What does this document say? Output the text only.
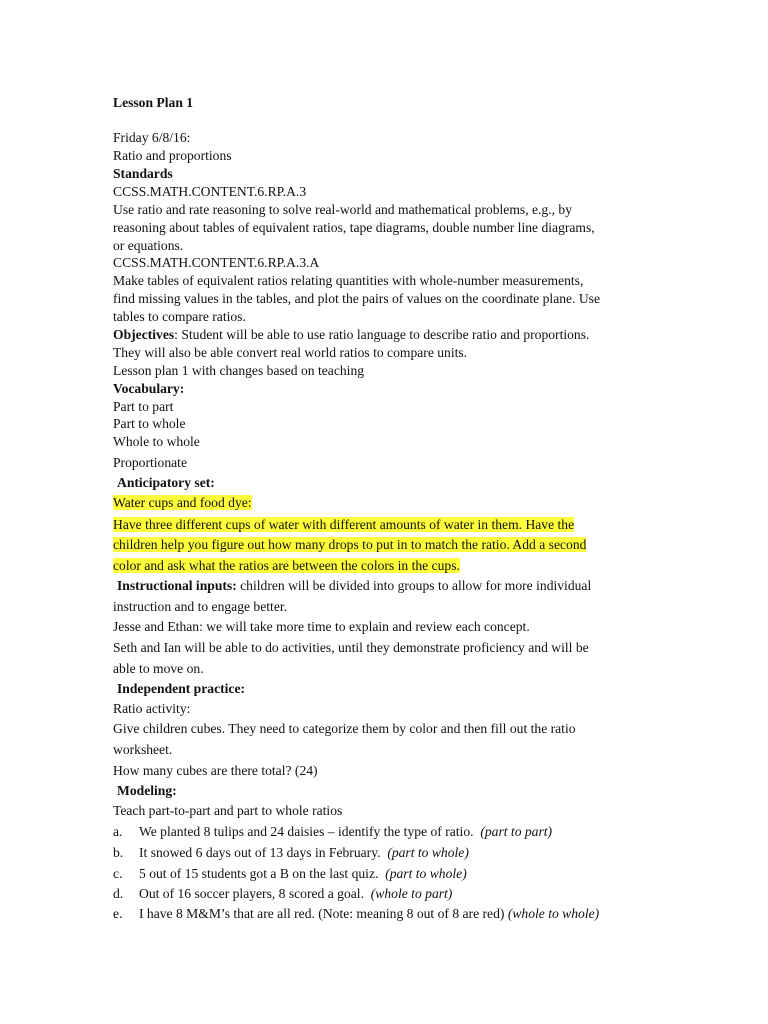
Lesson Plan 1

Friday 6/8/16:

Ratio and proportions

Standards

CCSS.MATH.CONTENT.6.RP.A.3

Use ratio and rate reasoning to solve real-world and mathematical problems, e.g., by

reasoning about tables of equivalent ratios, tape diagrams, double number line diagrams,

or equations.

CCSS.MATH.CONTENT.6.RP.A.3.A

Make tables of equivalent ratios relating quantities with whole-number measurements,

find missing values in the tables, and plot the pairs of values on the coordinate plane. Use

tables to compare ratios.

Objectives: Student will be able to use ratio language to describe ratio and proportions.

They will also be able convert real world ratios to compare units.

Lesson plan 1 with changes based on teaching

Vocabulary:

Part to part

Part to whole

Whole to whole

Proportionate

Anticipatory set:

Water cups and food dye:

Have three different cups of water with different amounts of water in them. Have the

children help you figure out how many drops to put in to match the ratio. Add a second

color and ask what the ratios are between the colors in the cups.

Instructional inputs: children will be divided into groups to allow for more individual

instruction and to engage better.

Jesse and Ethan: we will take more time to explain and review each concept.

Seth and Ian will be able to do activities, until they demonstrate proficiency and will be

able to move on.

Independent practice:

Ratio activity:

Give children cubes. They need to categorize them by color and then fill out the ratio

worksheet.

How many cubes are there total? (24)

Modeling:

Teach part-to-part and part to whole ratios

a. We planted 8 tulips and 24 daisies – identify the type of ratio. (part to part)
b. It snowed 6 days out of 13 days in February. (part to whole)
c. 5 out of 15 students got a B on the last quiz. (part to whole)
d. Out of 16 soccer players, 8 scored a goal. (whole to part)
e. I have 8 M&M’s that are all red. (Note: meaning 8 out of 8 are red) (whole to whole)
